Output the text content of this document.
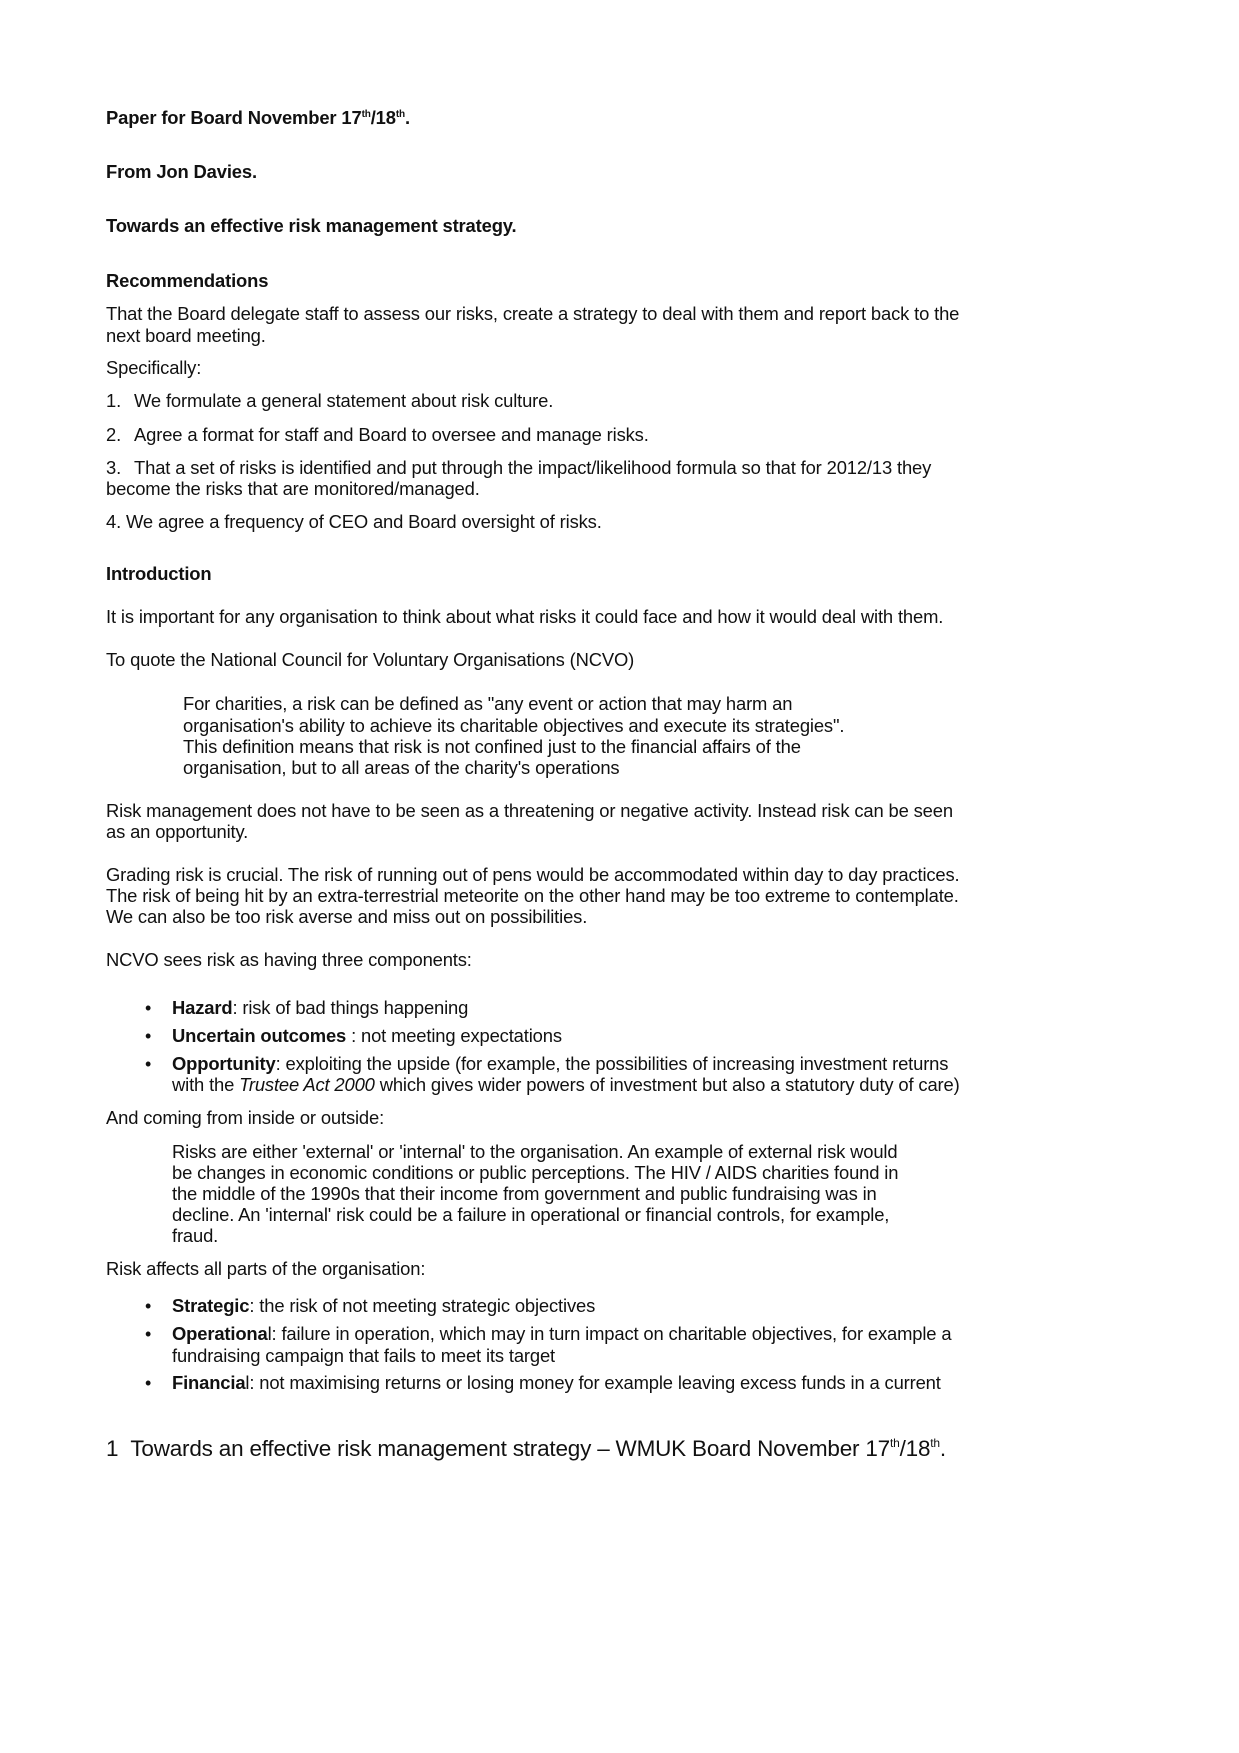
Paper for Board November 17th/18th.
From Jon Davies.
Towards an effective risk management strategy.
Recommendations
That the Board delegate staff to assess our risks, create a strategy to deal with them and report back to the
next board meeting.
Specifically:
1. We formulate a general statement about risk culture.
2. Agree a format for staff and Board to oversee and manage risks.
3. That a set of risks is identified and put through the impact/likelihood formula so that for 2012/13 they
become the risks that are monitored/managed.
4. We agree a frequency of CEO and Board oversight of risks.
Introduction
It is important for any organisation to think about what risks it could face and how it would deal with them.
To quote the National Council for Voluntary Organisations (NCVO)
For charities, a risk can be defined as "any event or action that may harm an
organisation's ability to achieve its charitable objectives and execute its strategies".
This definition means that risk is not confined just to the financial affairs of the
organisation, but to all areas of the charity's operations
Risk management does not have to be seen as a threatening or negative activity. Instead risk can be seen
as an opportunity.
Grading risk is crucial. The risk of running out of pens would be accommodated within day to day practices.
The risk of being hit by an extra-terrestrial meteorite on the other hand may be too extreme to contemplate.
We can also be too risk averse and miss out on possibilities.
NCVO sees risk as having three components:
• Hazard: risk of bad things happening
• Uncertain outcomes : not meeting expectations
• Opportunity: exploiting the upside (for example, the possibilities of increasing investment returns
with the Trustee Act 2000 which gives wider powers of investment but also a statutory duty of care)
And coming from inside or outside:
Risks are either 'external' or 'internal' to the organisation. An example of external risk would
be changes in economic conditions or public perceptions. The HIV / AIDS charities found in
the middle of the 1990s that their income from government and public fundraising was in
decline. An 'internal' risk could be a failure in operational or financial controls, for example,
fraud.
Risk affects all parts of the organisation:
• Strategic: the risk of not meeting strategic objectives
• Operational: failure in operation, which may in turn impact on charitable objectives, for example a
fundraising campaign that fails to meet its target
• Financial: not maximising returns or losing money for example leaving excess funds in a current
1 Towards an effective risk management strategy – WMUK Board November 17th/18th.
